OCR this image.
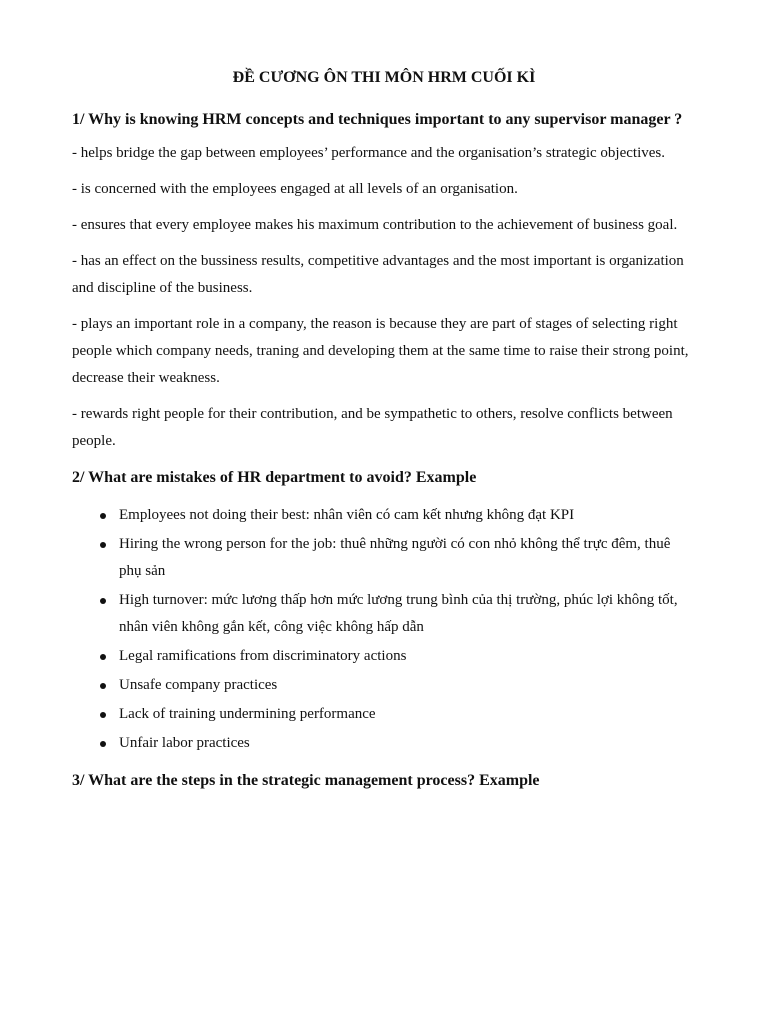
ĐỀ CƯƠNG ÔN THI MÔN HRM CUỐI KÌ
1/ Why is knowing HRM concepts and techniques important to any supervisor manager ?

- helps bridge the gap between employees’ performance and the organisation’s strategic objectives.

- is concerned with the employees engaged at all levels of an organisation.

- ensures that every employee makes his maximum contribution to the achievement of business goal.

- has an effect on the bussiness results, competitive advantages and the most important is organization and discipline of the business.

- plays an important role in a company, the reason is because they are part of stages of selecting right people which company needs, traning and developing them at the same time to raise their strong point, decrease their weakness.

- rewards right people for their contribution, and be sympathetic to others, resolve conflicts between people.

2/ What are mistakes of HR department to avoid? Example
Employees not doing their best: nhân viên có cam kết nhưng không đạt KPI
Hiring the wrong person for the job: thuê những người có con nhỏ không thể trực đêm, thuê phụ sản
High turnover: mức lương thấp hơn mức lương trung bình của thị trường, phúc lợi không tốt, nhân viên không gắn kết, công việc không hấp dẫn
Legal ramifications from discriminatory actions
Unsafe company practices
Lack of training undermining performance
Unfair labor practices
3/ What are the steps in the strategic management process? Example
